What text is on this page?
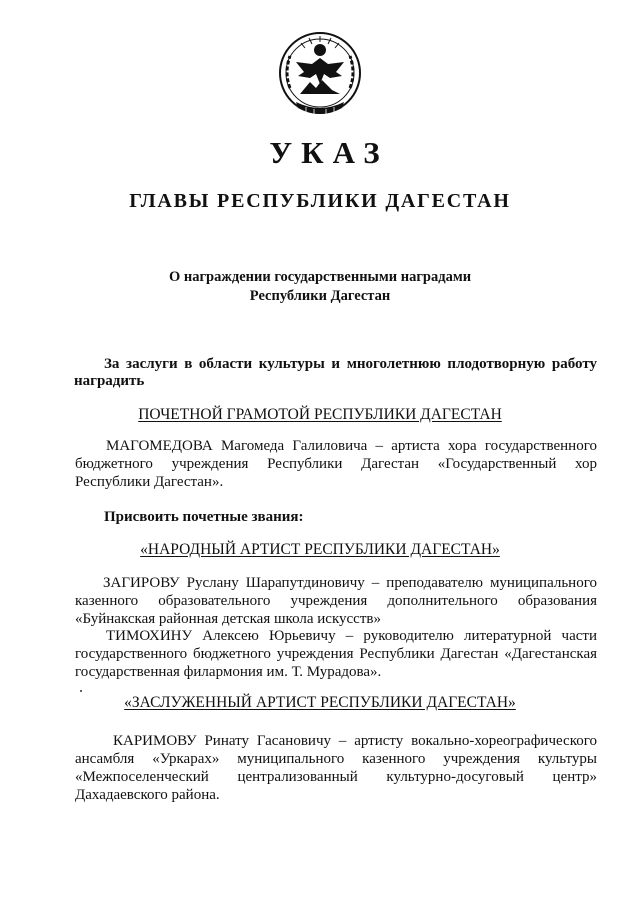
УКАЗ
ГЛАВЫ РЕСПУБЛИКИ ДАГЕСТАН
О награждении государственными наградами
Республики Дагестан
За заслуги в области культуры и многолетнюю плодотворную работу
наградить
ПОЧЕТНОЙ ГРАМОТОЙ РЕСПУБЛИКИ ДАГЕСТАН
МАГОМЕДОВА Магомеда Галиловича – артиста хора государственного
бюджетного учреждения Республики Дагестан «Государственный хор
Республики Дагестан».
Присвоить почетные звания:
«НАРОДНЫЙ АРТИСТ РЕСПУБЛИКИ ДАГЕСТАН»
ЗАГИРОВУ Руслану Шарапутдиновичу – преподавателю муниципального
казенного образовательного учреждения дополнительного образования
«Буйнакская районная детская школа искусств»
ТИМОХИНУ Алексею Юрьевичу – руководителю литературной части
государственного бюджетного учреждения Республики Дагестан «Дагестанская
государственная филармония им. Т. Мурадова».
«ЗАСЛУЖЕННЫЙ АРТИСТ РЕСПУБЛИКИ ДАГЕСТАН»
КАРИМОВУ Ринату Гасановичу – артисту вокально-хореографического
ансамбля «Уркарах» муниципального казенного учреждения культуры
«Межпоселенческий централизованный культурно-досуговый центр»
Дахадаевского района.
